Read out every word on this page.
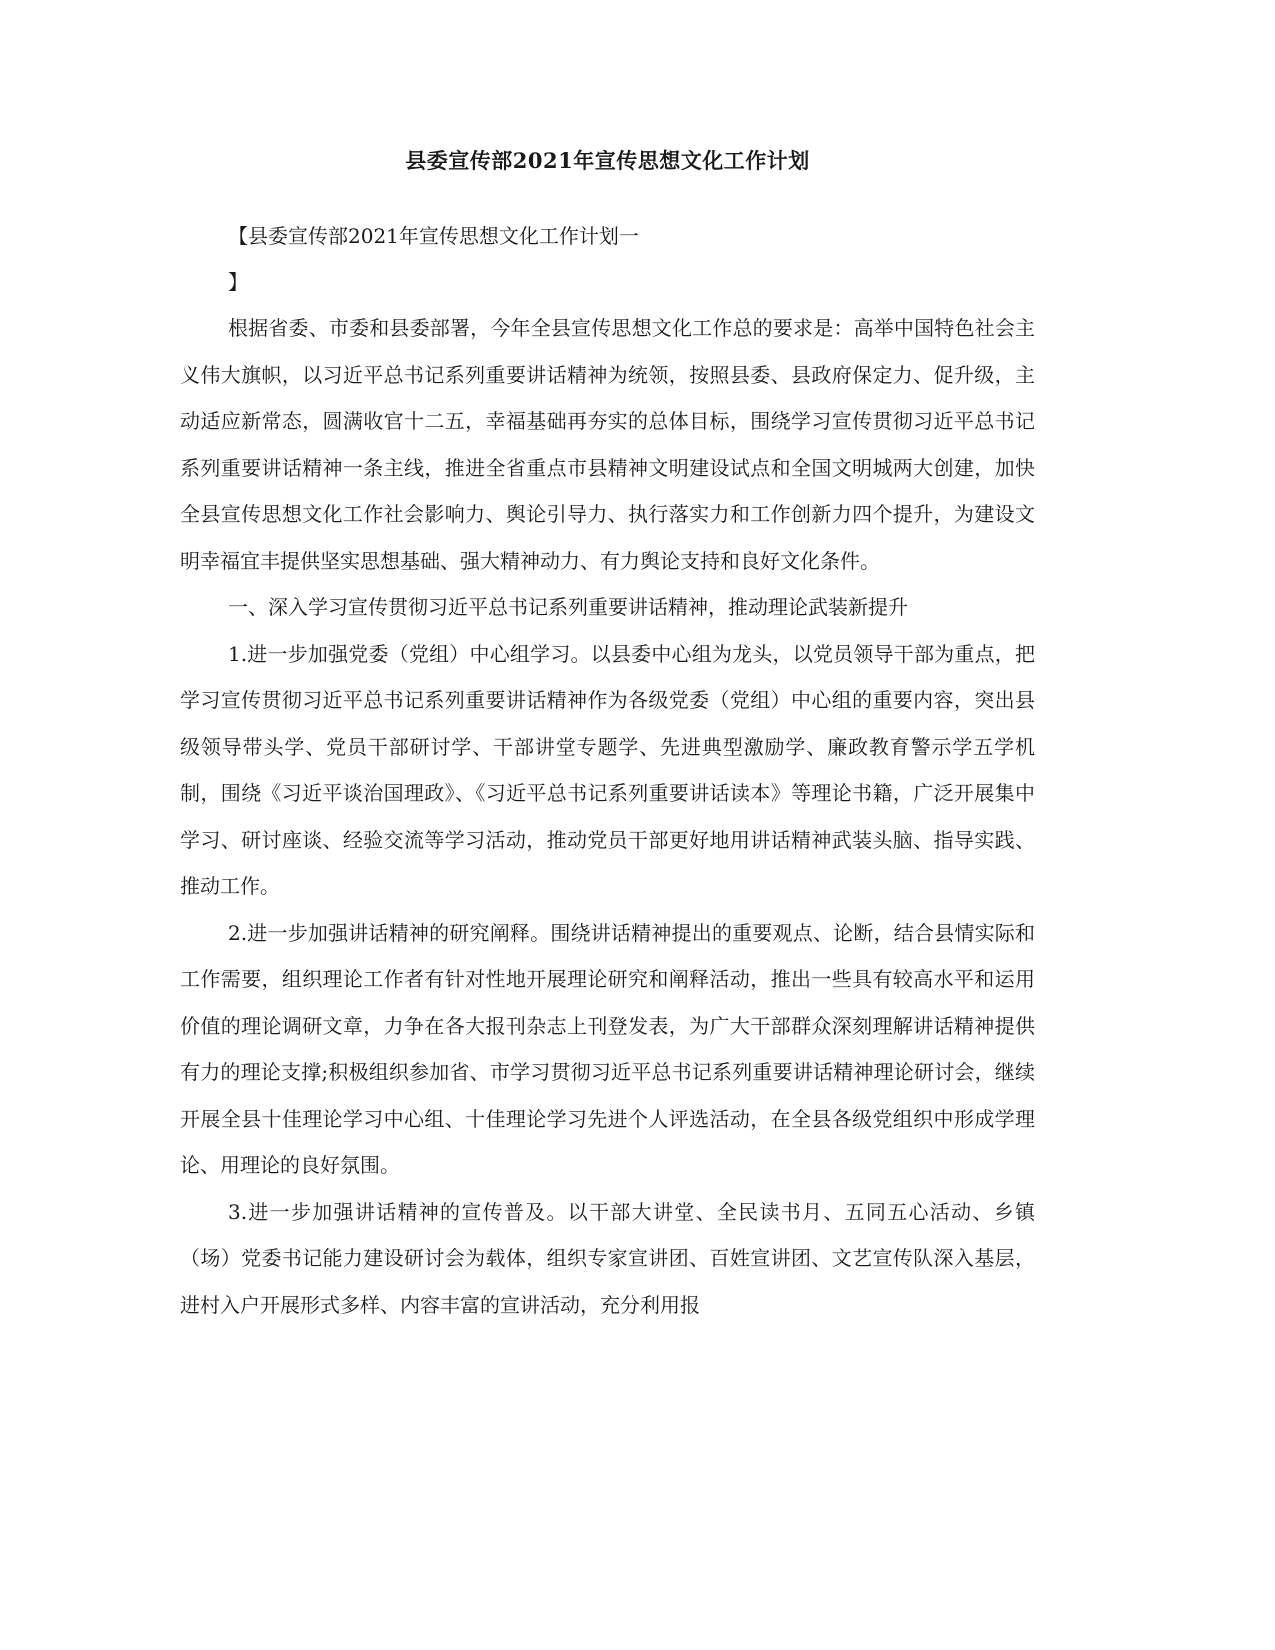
县委宣传部2021年宣传思想文化工作计划
【县委宣传部2021年宣传思想文化工作计划一
】

根据省委、市委和县委部署，今年全县宣传思想文化工作总的要求是：高举中国特色社会主义伟大旗帜，以习近平总书记系列重要讲话精神为统领，按照县委、县政府保定力、促升级，主动适应新常态，圆满收官十二五，幸福基础再夯实的总体目标，围绕学习宣传贯彻习近平总书记系列重要讲话精神一条主线，推进全省重点市县精神文明建设试点和全国文明城两大创建，加快全县宣传思想文化工作社会影响力、舆论引导力、执行落实力和工作创新力四个提升，为建设文明幸福宜丰提供坚实思想基础、强大精神动力、有力舆论支持和良好文化条件。

一、深入学习宣传贯彻习近平总书记系列重要讲话精神，推动理论武装新提升

1.进一步加强党委（党组）中心组学习。以县委中心组为龙头，以党员领导干部为重点，把学习宣传贯彻习近平总书记系列重要讲话精神作为各级党委（党组）中心组的重要内容，突出县级领导带头学、党员干部研讨学、干部讲堂专题学、先进典型激励学、廉政教育警示学五学机制，围绕《习近平谈治国理政》、《习近平总书记系列重要讲话读本》等理论书籍，广泛开展集中学习、研讨座谈、经验交流等学习活动，推动党员干部更好地用讲话精神武装头脑、指导实践、推动工作。

2.进一步加强讲话精神的研究阐释。围绕讲话精神提出的重要观点、论断，结合县情实际和工作需要，组织理论工作者有针对性地开展理论研究和阐释活动，推出一些具有较高水平和运用价值的理论调研文章，力争在各大报刊杂志上刊登发表，为广大干部群众深刻理解讲话精神提供有力的理论支撑;积极组织参加省、市学习贯彻习近平总书记系列重要讲话精神理论研讨会，继续开展全县十佳理论学习中心组、十佳理论学习先进个人评选活动，在全县各级党组织中形成学理论、用理论的良好氛围。

3.进一步加强讲话精神的宣传普及。以干部大讲堂、全民读书月、五同五心活动、乡镇（场）党委书记能力建设研讨会为载体，组织专家宣讲团、百姓宣讲团、文艺宣传队深入基层，进村入户开展形式多样、内容丰富的宣讲活动，充分利用报
